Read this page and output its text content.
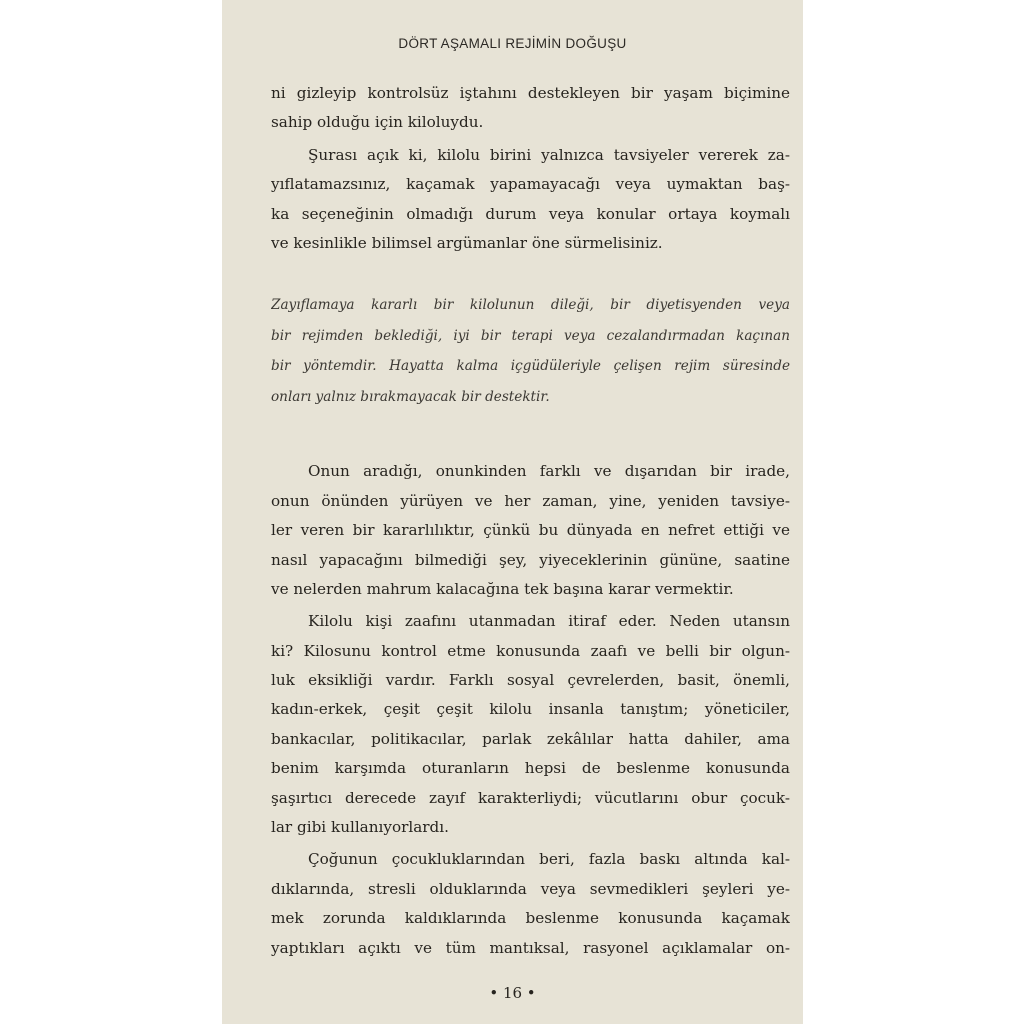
DÖRT AŞAMALI REJİMİN DOĞUŞU
ni gizleyip kontrolsüz iştahını destekleyen bir yaşam biçimine
sahip olduğu için kiloluydu.
Şurası açık ki, kilolu birini yalnızca tavsiyeler vererek za-
yıflatamazsınız, kaçamak yapamayacağı veya uymaktan baş-
ka seçeneğinin olmadığı durum veya konular ortaya koymalı
ve kesinlikle bilimsel argümanlar öne sürmelisiniz.
Zayıflamaya kararlı bir kilolunun dileği, bir diyetisyenden veya
bir rejimden beklediği, iyi bir terapi veya cezalandırmadan kaçınan
bir yöntemdir. Hayatta kalma içgüdüleriyle çelişen rejim süresinde
onları yalnız bırakmayacak bir destektir.
Onun aradığı, onunkinden farklı ve dışarıdan bir irade,
onun önünden yürüyen ve her zaman, yine, yeniden tavsiye-
ler veren bir kararlılıktır, çünkü bu dünyada en nefret ettiği ve
nasıl yapacağını bilmediği şey, yiyeceklerinin gününe, saatine
ve nelerden mahrum kalacağına tek başına karar vermektir.
Kilolu kişi zaafını utanmadan itiraf eder. Neden utansın
ki? Kilosunu kontrol etme konusunda zaafı ve belli bir olgun-
luk eksikliği vardır. Farklı sosyal çevrelerden, basit, önemli,
kadın-erkek, çeşit çeşit kilolu insanla tanıştım; yöneticiler,
bankacılar, politikacılar, parlak zekâlılar hatta dahiler, ama
benim karşımda oturanların hepsi de beslenme konusunda
şaşırtıcı derecede zayıf karakterliydi; vücutlarını obur çocuk-
lar gibi kullanıyorlardı.
Çoğunun çocukluklarından beri, fazla baskı altında kal-
dıklarında, stresli olduklarında veya sevmedikleri şeyleri ye-
mek zorunda kaldıklarında beslenme konusunda kaçamak
yaptıkları açıktı ve tüm mantıksal, rasyonel açıklamalar on-
• 16 •
